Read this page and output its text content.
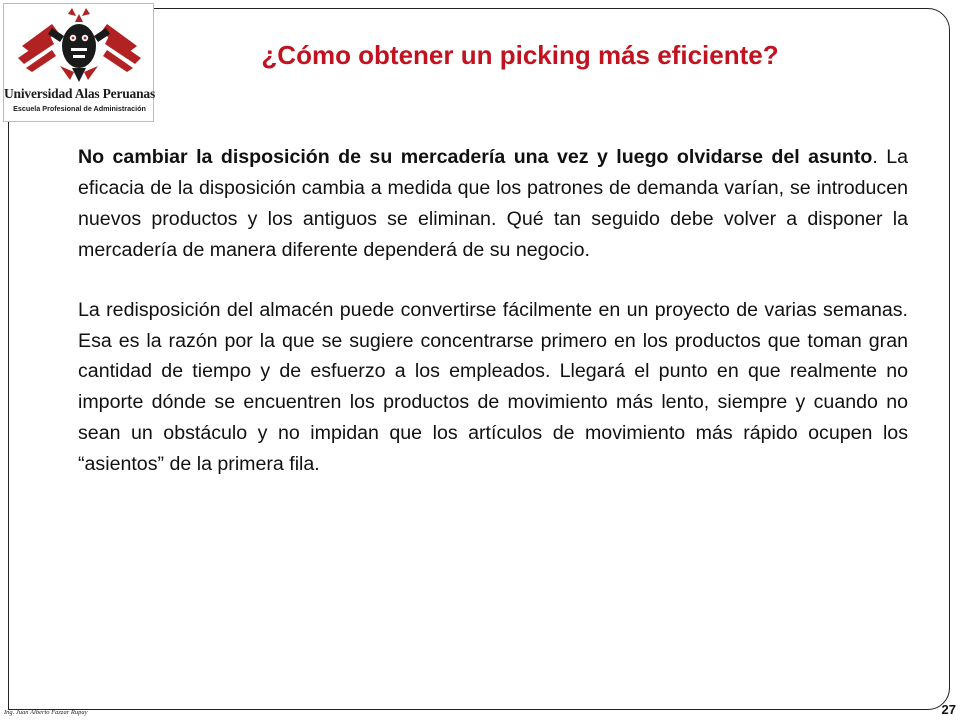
Universidad Alas Peruanas
Escuela Profesional de Administración
¿Cómo obtener un picking más eficiente?

No cambiar la disposición de su mercadería una vez y luego olvidarse del asunto. La eficacia de la disposición cambia a medida que los patrones de demanda varían, se introducen nuevos productos y los antiguos se eliminan. Qué tan seguido debe volver a disponer la mercadería de manera diferente dependerá de su negocio.

La redisposición del almacén puede convertirse fácilmente en un proyecto de varias semanas. Esa es la razón por la que se sugiere concentrarse primero en los productos que toman gran cantidad de tiempo y de esfuerzo a los empleados. Llegará el punto en que realmente no importe dónde se encuentren los productos de movimiento más lento, siempre y cuando no sean un obstáculo y no impidan que los artículos de movimiento más rápido ocupen los “asientos” de la primera fila.

Ing. Juan Alberto Fazzar Rupay	27
